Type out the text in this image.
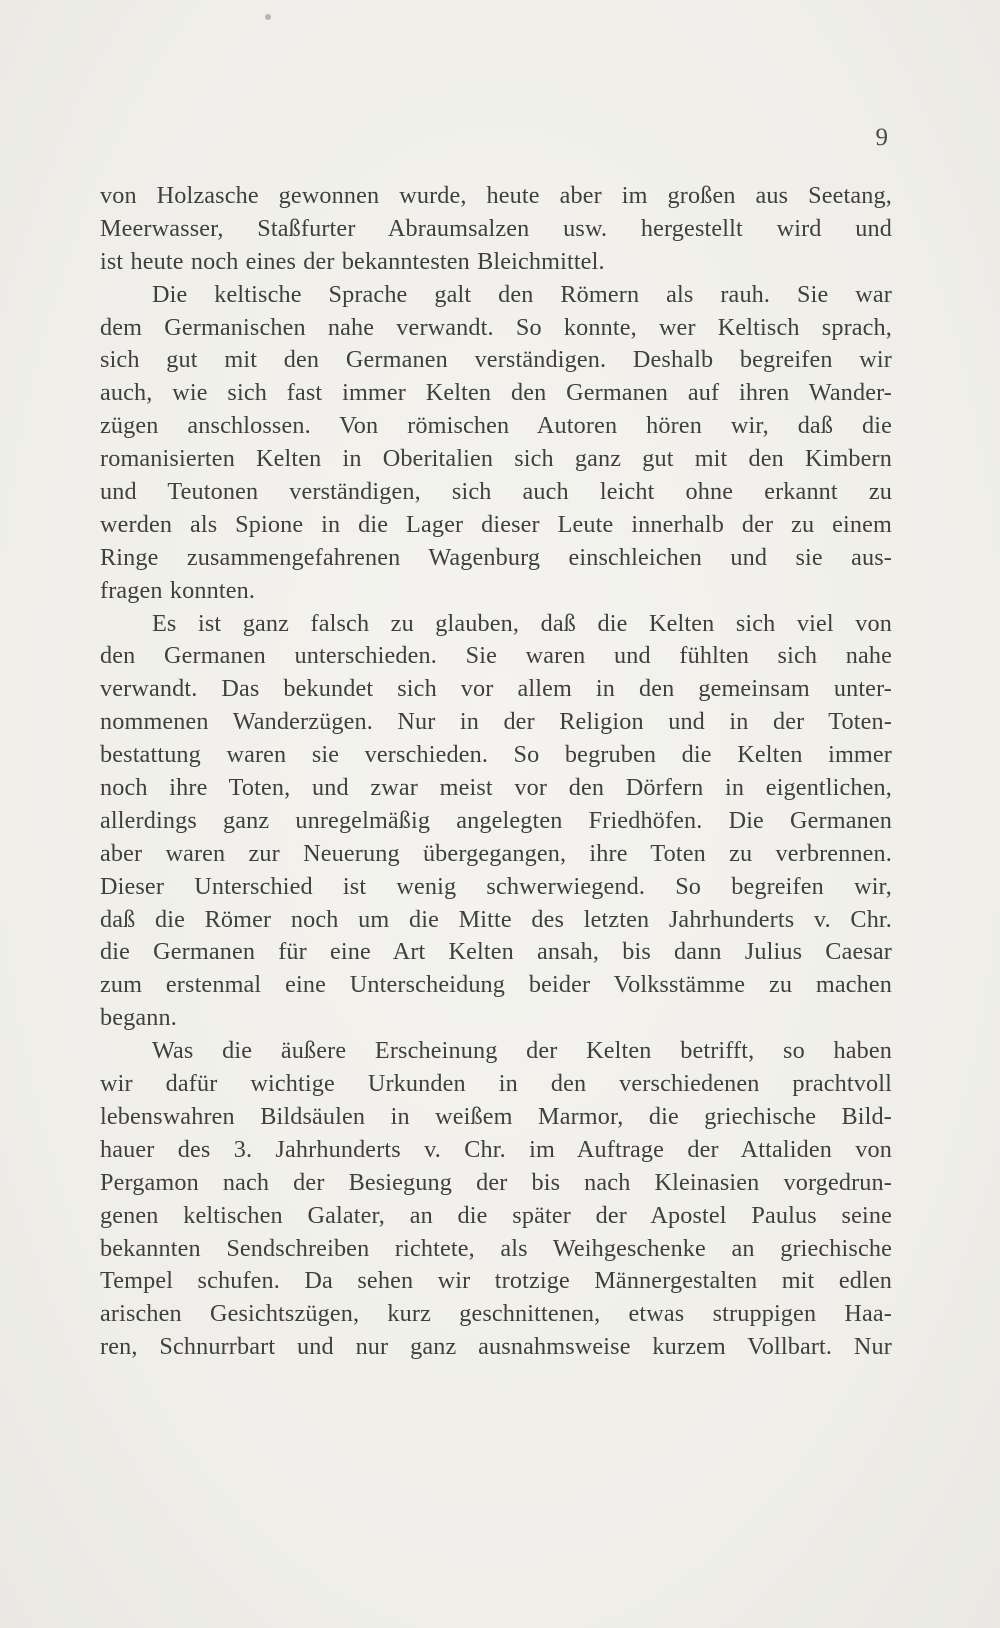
9
von Holzasche gewonnen wurde, heute aber im großen aus Seetang,
Meerwasser, Staßfurter Abraumsalzen usw. hergestellt wird und
ist heute noch eines der bekanntesten Bleichmittel.
Die keltische Sprache galt den Römern als rauh. Sie war
dem Germanischen nahe verwandt. So konnte, wer Keltisch sprach,
sich gut mit den Germanen verständigen. Deshalb begreifen wir
auch, wie sich fast immer Kelten den Germanen auf ihren Wander-
zügen anschlossen. Von römischen Autoren hören wir, daß die
romanisierten Kelten in Oberitalien sich ganz gut mit den Kimbern
und Teutonen verständigen, sich auch leicht ohne erkannt zu
werden als Spione in die Lager dieser Leute innerhalb der zu einem
Ringe zusammengefahrenen Wagenburg einschleichen und sie aus-
fragen konnten.
Es ist ganz falsch zu glauben, daß die Kelten sich viel von
den Germanen unterschieden. Sie waren und fühlten sich nahe
verwandt. Das bekundet sich vor allem in den gemeinsam unter-
nommenen Wanderzügen. Nur in der Religion und in der Toten-
bestattung waren sie verschieden. So begruben die Kelten immer
noch ihre Toten, und zwar meist vor den Dörfern in eigentlichen,
allerdings ganz unregelmäßig angelegten Friedhöfen. Die Germanen
aber waren zur Neuerung übergegangen, ihre Toten zu verbrennen.
Dieser Unterschied ist wenig schwerwiegend. So begreifen wir,
daß die Römer noch um die Mitte des letzten Jahrhunderts v. Chr.
die Germanen für eine Art Kelten ansah, bis dann Julius Caesar
zum erstenmal eine Unterscheidung beider Volksstämme zu machen
begann.
Was die äußere Erscheinung der Kelten betrifft, so haben
wir dafür wichtige Urkunden in den verschiedenen prachtvoll
lebenswahren Bildsäulen in weißem Marmor, die griechische Bild-
hauer des 3. Jahrhunderts v. Chr. im Auftrage der Attaliden von
Pergamon nach der Besiegung der bis nach Kleinasien vorgedrun-
genen keltischen Galater, an die später der Apostel Paulus seine
bekannten Sendschreiben richtete, als Weihgeschenke an griechische
Tempel schufen. Da sehen wir trotzige Männergestalten mit edlen
arischen Gesichtszügen, kurz geschnittenen, etwas struppigen Haa-
ren, Schnurrbart und nur ganz ausnahmsweise kurzem Vollbart. Nur
